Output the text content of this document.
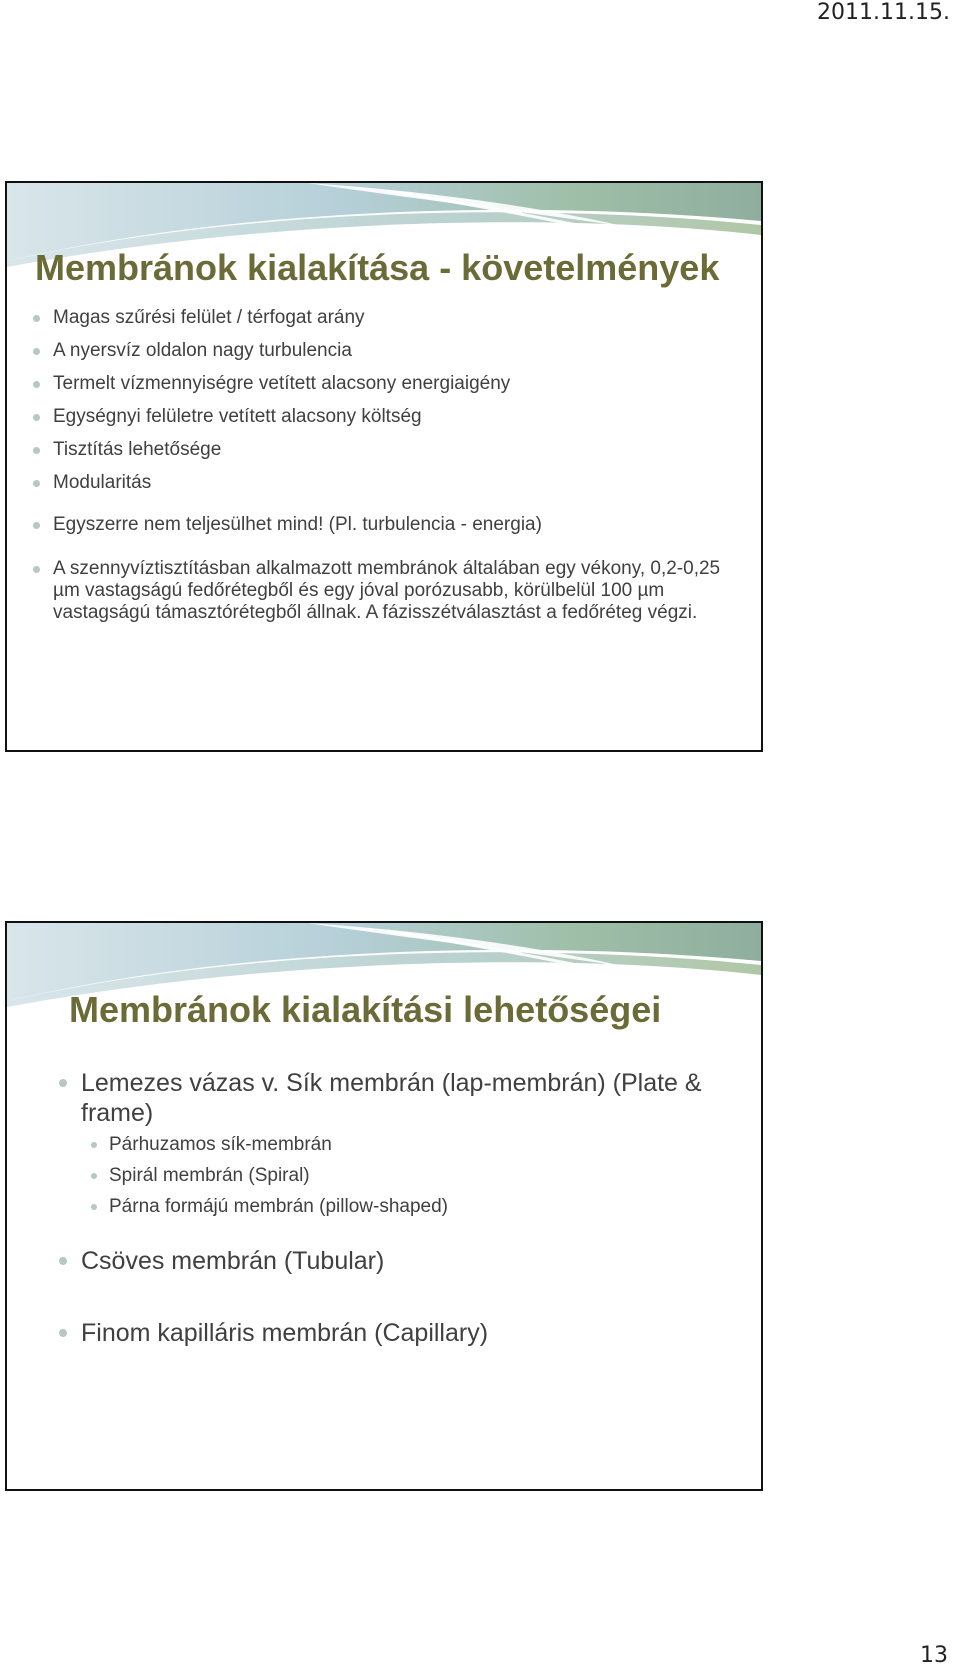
2011.11.15.
Membránok kialakítása - követelmények
Magas szűrési felület / térfogat arány
A nyersvíz oldalon nagy turbulencia
Termelt vízmennyiségre vetített alacsony energiaigény
Egységnyi felületre vetített alacsony költség
Tisztítás lehetősége
Modularitás
Egyszerre nem teljesülhet mind! (Pl. turbulencia - energia)
A szennyvíztisztításban alkalmazott membránok általában egy vékony, 0,2-0,25 µm vastagságú fedőrétegből és egy jóval porózusabb, körülbelül 100 µm vastagságú támasztórétegből állnak. A fázisszétválasztást a fedőréteg végzi.
Membránok kialakítási lehetőségei
Lemezes vázas v. Sík membrán (lap-membrán) (Plate & frame)
Párhuzamos sík-membrán
Spirál membrán (Spiral)
Párna formájú membrán (pillow-shaped)
Csöves membrán (Tubular)
Finom kapilláris membrán (Capillary)
13
